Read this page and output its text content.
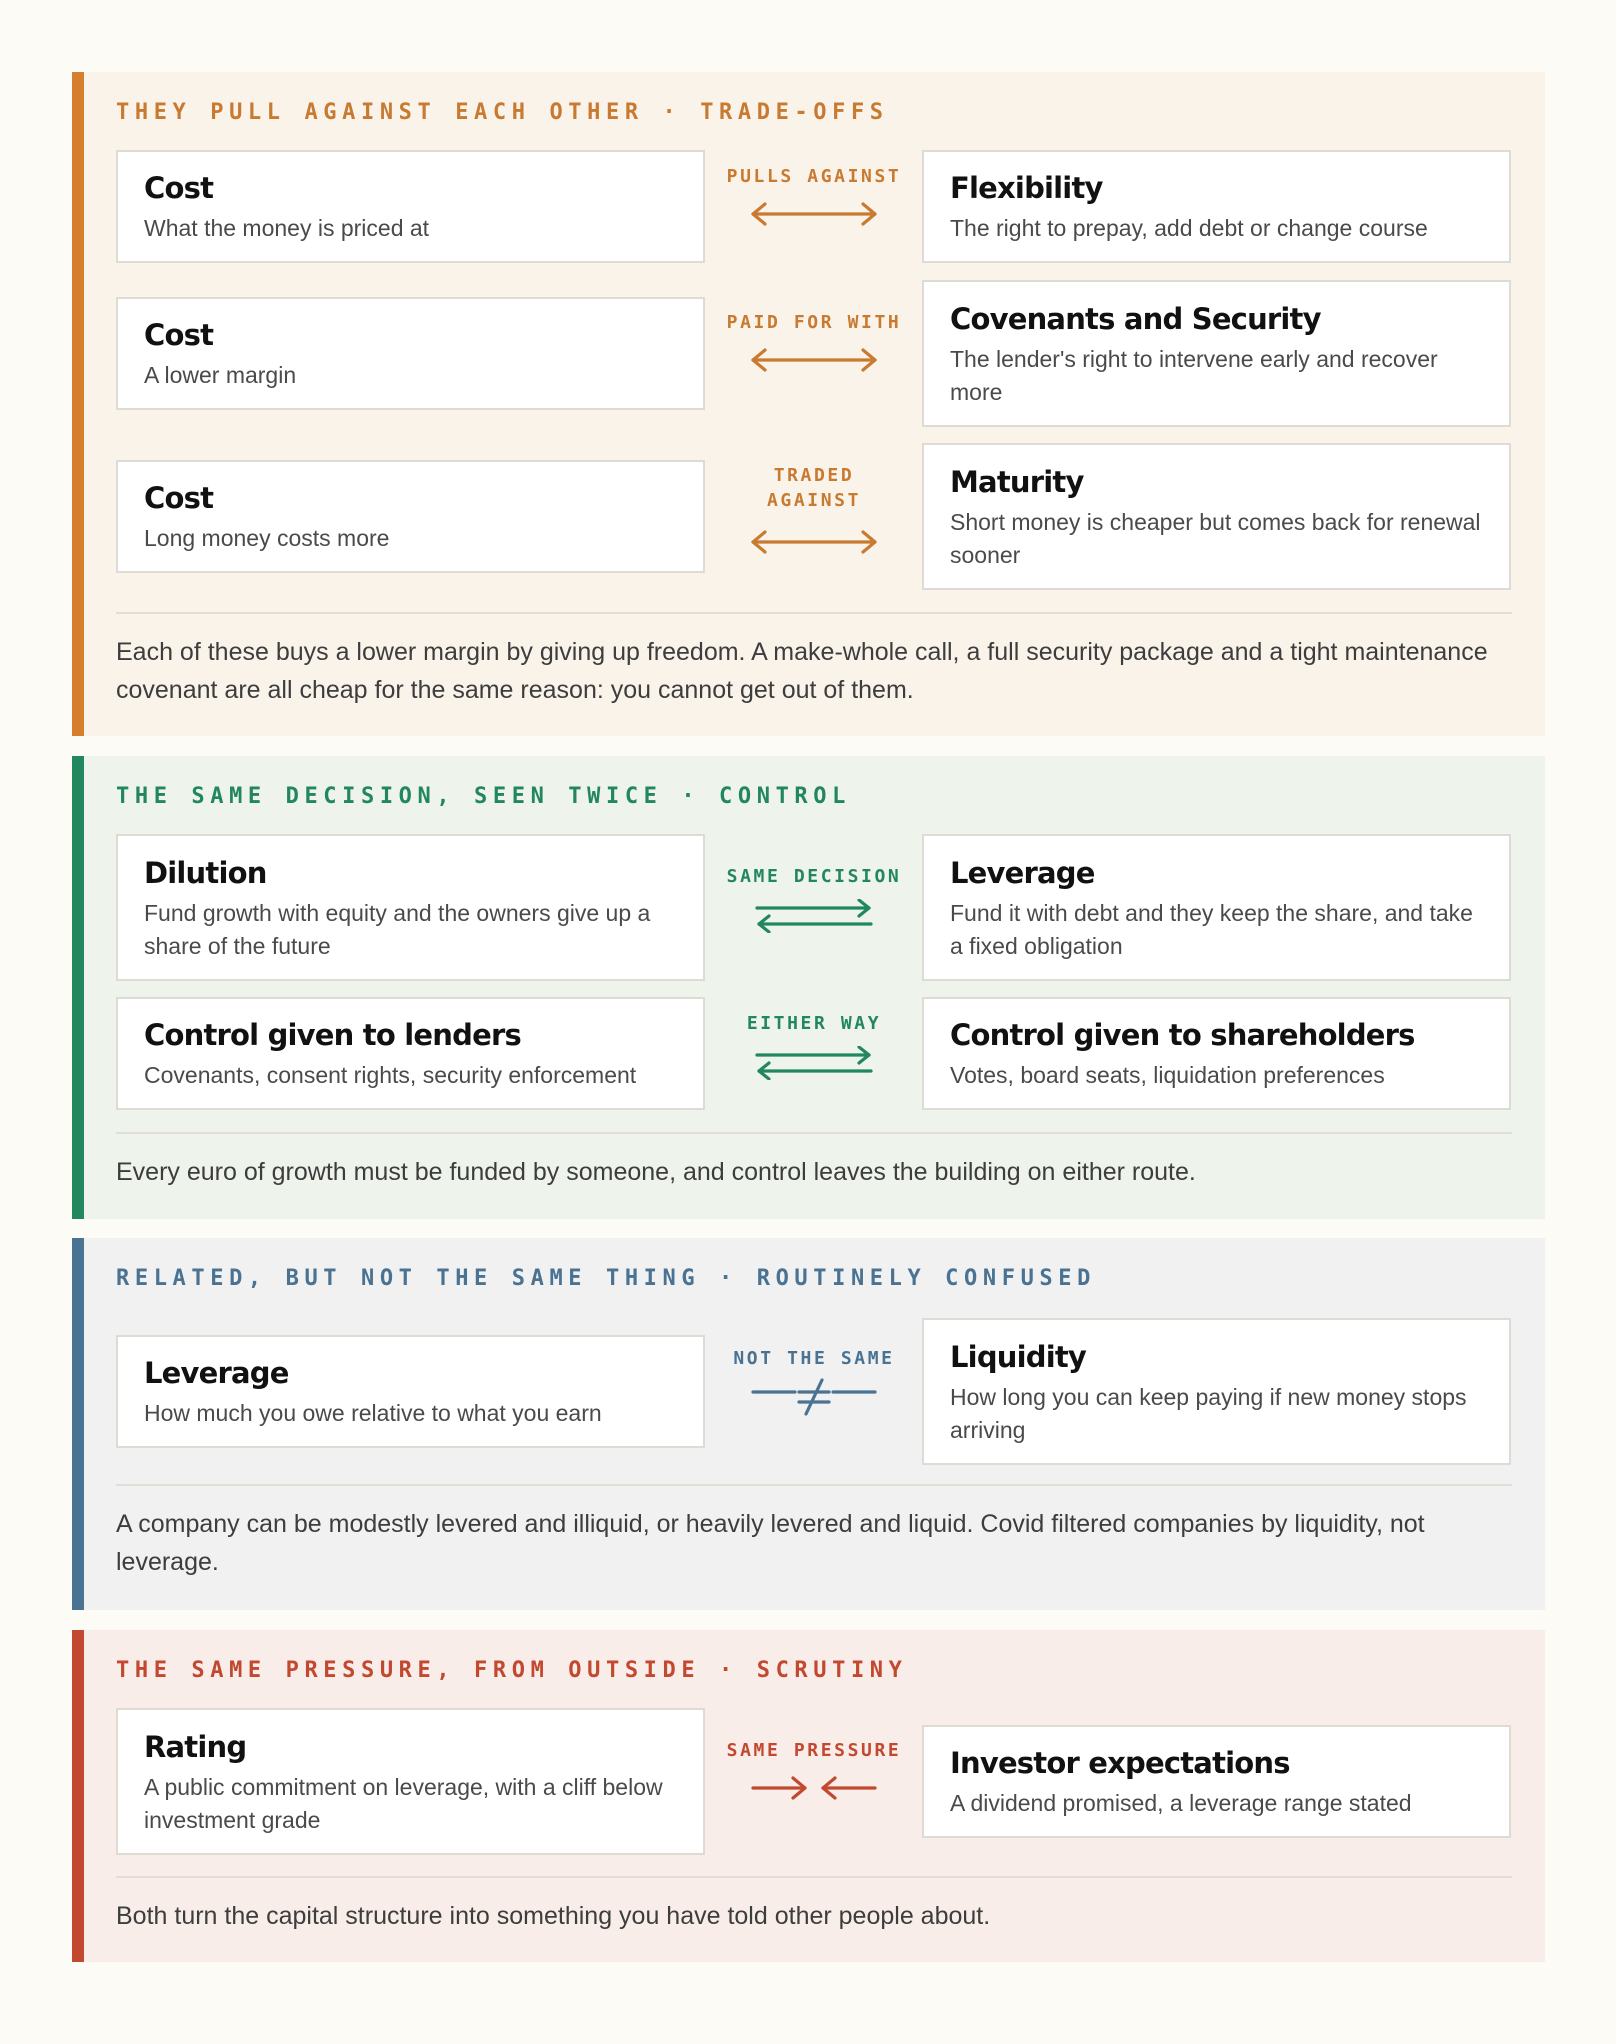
THEY PULL AGAINST EACH OTHER · TRADE-OFFS
Cost
What the money is priced at
PULLS AGAINST	Flexibility
The right to prepay, add debt or change course
Cost
A lower margin
PAID FOR WITH	Covenants and Security
The lender's right to intervene early and recover more
Cost
Long money costs more
TRADED
AGAINST
Maturity
Short money is cheaper but comes back for renewal sooner
Each of these buys a lower margin by giving up freedom. A make-whole call, a full security package and a tight maintenance covenant are all cheap for the same reason: you cannot get out of them.
THE SAME DECISION, SEEN TWICE · CONTROL
Dilution
Fund growth with equity and the owners give up a share of the future
SAME DECISION	Leverage
Fund it with debt and they keep the share, and take a fixed obligation
Control given to lenders
Covenants, consent rights, security enforcement
EITHER WAY	Control given to shareholders
Votes, board seats, liquidation preferences
Every euro of growth must be funded by someone, and control leaves the building on either route.
RELATED, BUT NOT THE SAME THING · ROUTINELY CONFUSED
Leverage
How much you owe relative to what you earn
NOT THE SAME	Liquidity
How long you can keep paying if new money stops arriving
A company can be modestly levered and illiquid, or heavily levered and liquid. Covid filtered companies by liquidity, not leverage.
THE SAME PRESSURE, FROM OUTSIDE · SCRUTINY
Rating
A public commitment on leverage, with a cliff below investment grade
SAME PRESSURE	Investor expectations
A dividend promised, a leverage range stated
Both turn the capital structure into something you have told other people about.
